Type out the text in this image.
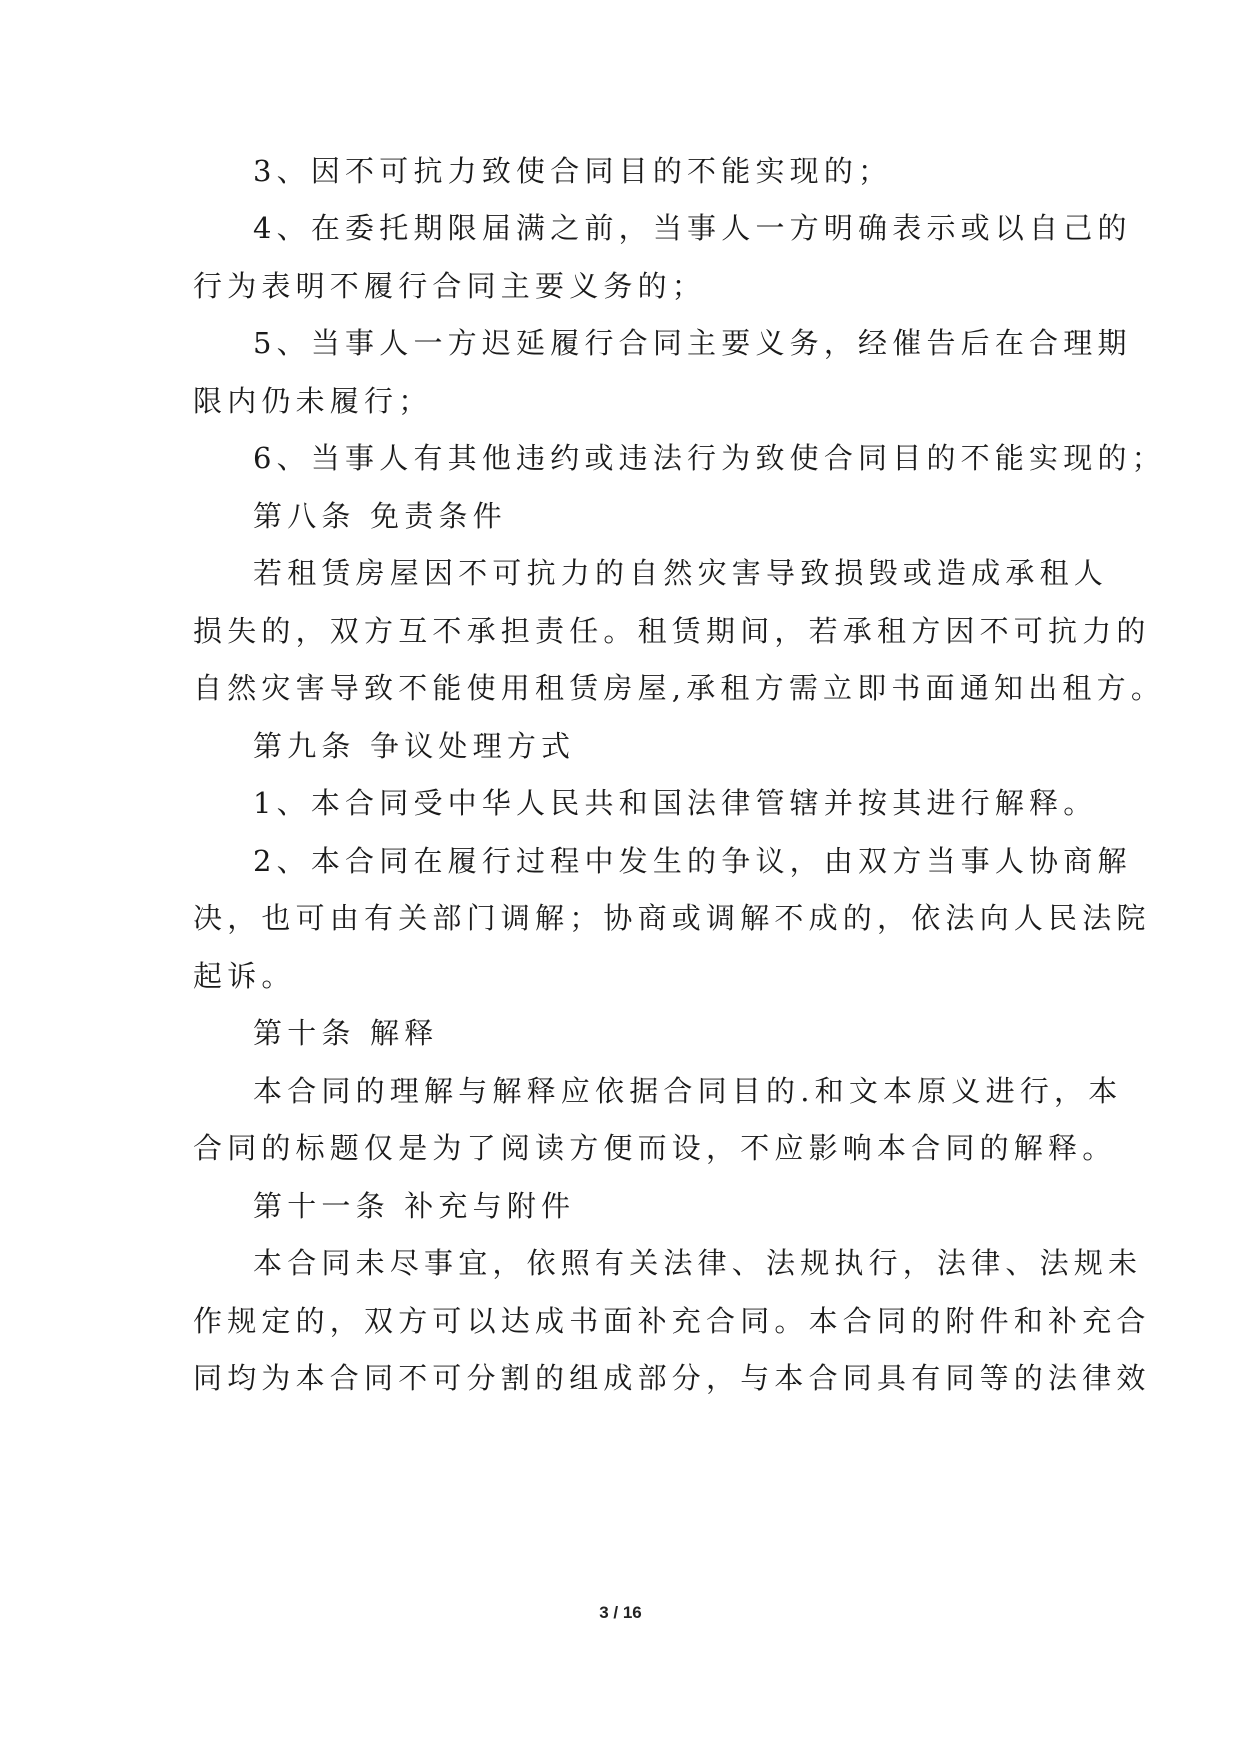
3、因不可抗力致使合同目的不能实现的；

4、在委托期限届满之前，当事人一方明确表示或以自己的

行为表明不履行合同主要义务的；

5、当事人一方迟延履行合同主要义务，经催告后在合理期

限内仍未履行；

6、当事人有其他违约或违法行为致使合同目的不能实现的；

第八条 免责条件

若租赁房屋因不可抗力的自然灾害导致损毁或造成承租人

损失的，双方互不承担责任。租赁期间，若承租方因不可抗力的

自然灾害导致不能使用租赁房屋,承租方需立即书面通知出租方。

第九条 争议处理方式

1、本合同受中华人民共和国法律管辖并按其进行解释。

2、本合同在履行过程中发生的争议，由双方当事人协商解

决，也可由有关部门调解；协商或调解不成的，依法向人民法院

起诉。

第十条 解释

本合同的理解与解释应依据合同目的.和文本原义进行，本

合同的标题仅是为了阅读方便而设，不应影响本合同的解释。

第十一条 补充与附件

本合同未尽事宜，依照有关法律、法规执行，法律、法规未

作规定的，双方可以达成书面补充合同。本合同的附件和补充合

同均为本合同不可分割的组成部分，与本合同具有同等的法律效

3 / 16
